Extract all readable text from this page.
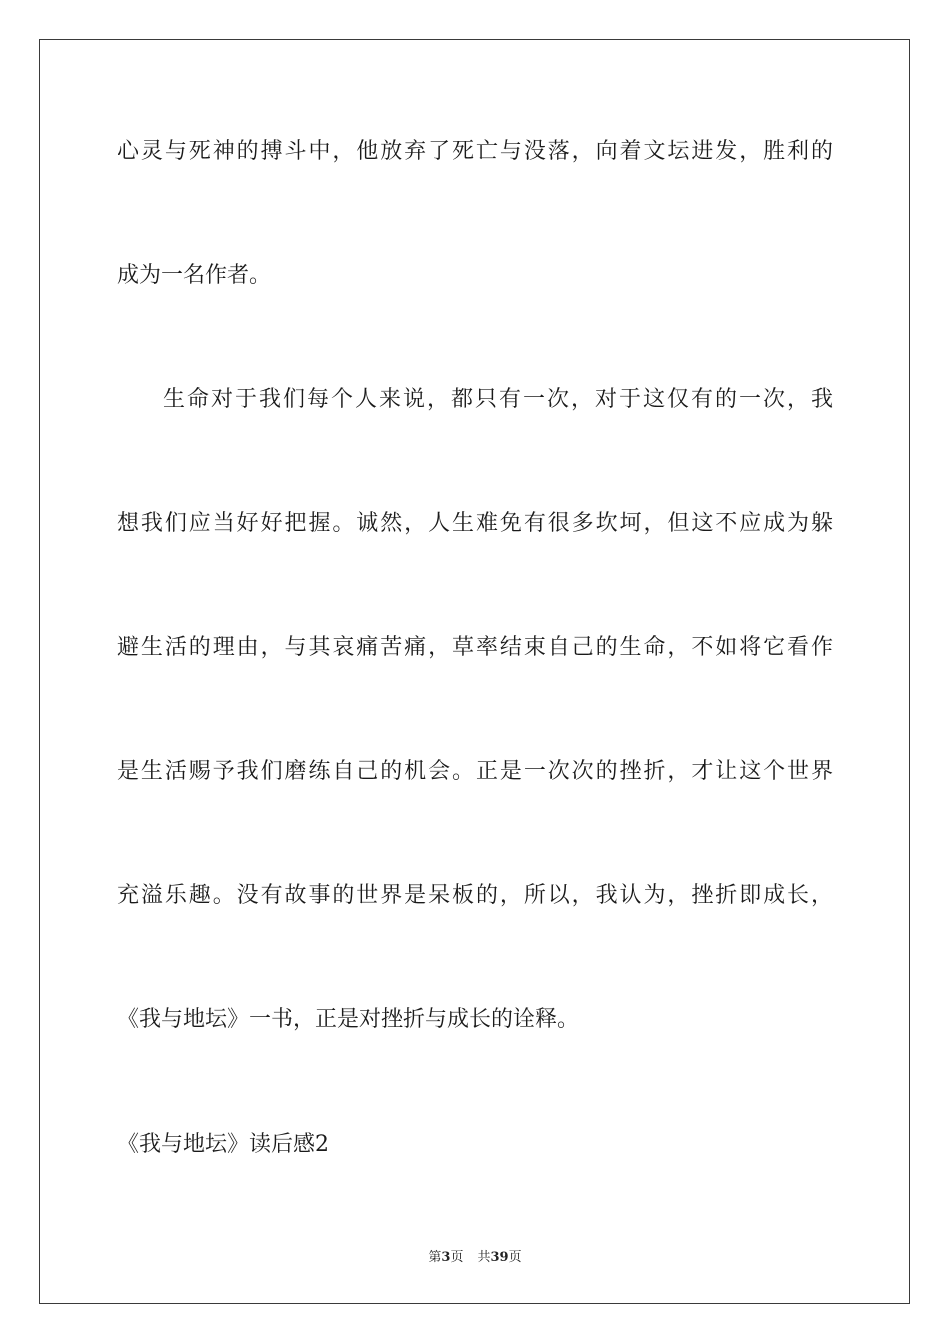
心灵与死神的搏斗中，他放弃了死亡与没落，向着文坛进发，胜利的
成为一名作者。
生命对于我们每个人来说，都只有一次，对于这仅有的一次，我
想我们应当好好把握。诚然，人生难免有很多坎坷，但这不应成为躲
避生活的理由，与其哀痛苦痛，草率结束自己的生命，不如将它看作
是生活赐予我们磨练自己的机会。正是一次次的挫折，才让这个世界
充溢乐趣。没有故事的世界是呆板的，所以，我认为，挫折即成长，
《我与地坛》一书，正是对挫折与成长的诠释。
《我与地坛》读后感2
第3页 共39页
